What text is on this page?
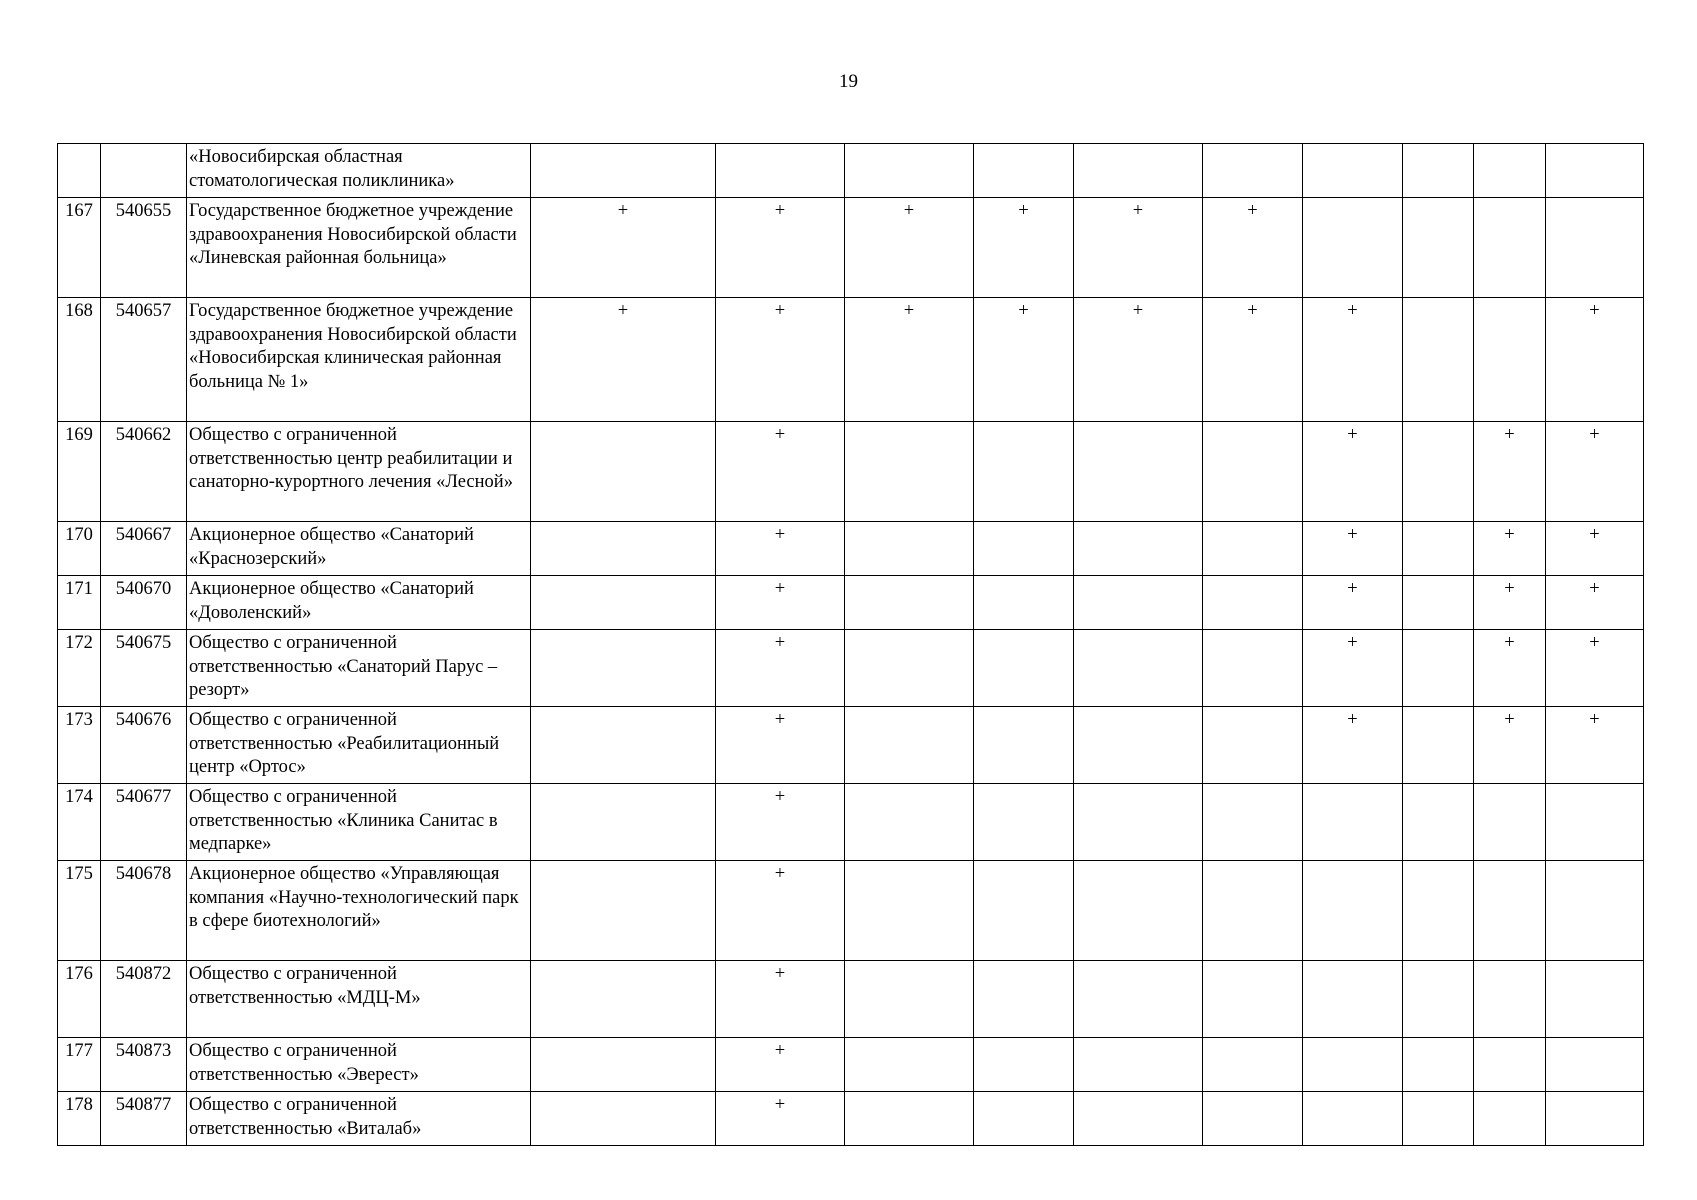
19
		«Новосибирская областная стоматологическая поликлиника»										
167	540655	Государственное бюджетное учреждение здравоохранения Новосибирской области «Линевская районная больница»	+	+	+	+	+	+				
168	540657	Государственное бюджетное учреждение здравоохранения Новосибирской области «Новосибирская клиническая районная больница № 1»	+	+	+	+	+	+	+			+
169	540662	Общество с ограниченной ответственностью центр реабилитации и санаторно-курортного лечения «Лесной»		+					+		+	+
170	540667	Акционерное общество «Санаторий «Краснозерский»		+					+		+	+
171	540670	Акционерное общество «Санаторий «Доволенский»		+					+		+	+
172	540675	Общество с ограниченной ответственностью «Санаторий Парус – резорт»		+					+		+	+
173	540676	Общество с ограниченной ответственностью «Реабилитационный центр «Ортос»		+					+		+	+
174	540677	Общество с ограниченной ответственностью «Клиника Санитас в медпарке»		+								
175	540678	Акционерное общество «Управляющая компания «Научно-технологический парк в сфере биотехнологий»		+								
176	540872	Общество с ограниченной ответственностью «МДЦ-М»		+								
177	540873	Общество с ограниченной ответственностью «Эверест»		+								
178	540877	Общество с ограниченной ответственностью «Виталаб»		+								
